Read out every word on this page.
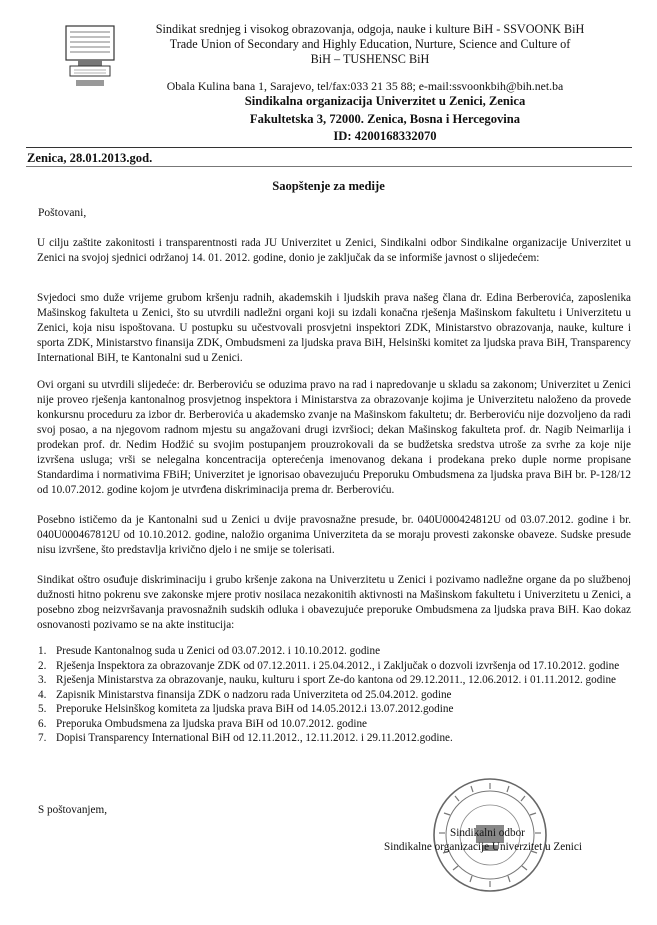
Sindikat srednjeg i visokog obrazovanja, odgoja, nauke i kulture BiH - SSVOONK BiH
Trade Union of Secondary and Highly Education, Nurture, Science and Culture of
BiH – TUSHENSC BiH
Obala Kulina bana 1, Sarajevo, tel/fax:033 21 35 88; e-mail:ssvoonkbih@bih.net.ba
Sindikalna organizacija Univerzitet u Zenici, Zenica
Fakultetska 3, 72000. Zenica, Bosna i Hercegovina
ID: 4200168332070
Zenica, 28.01.2013.god.
Saopštenje za medije
Poštovani,
U cilju zaštite zakonitosti i transparentnosti rada JU Univerzitet u Zenici, Sindikalni odbor Sindikalne organizacije Univerzitet u Zenici na svojoj sjednici održanoj 14. 01. 2012. godine, donio je zaključak da se informiše javnost o slijedećem:
Svjedoci smo duže vrijeme grubom kršenju radnih, akademskih i ljudskih prava našeg člana dr. Edina Berberovića, zaposlenika Mašinskog fakulteta u Zenici, što su utvrdili nadležni organi koji su izdali konačna rješenja Mašinskom fakultetu i Univerzitetu u Zenici, koja nisu ispoštovana. U postupku su učestvovali prosvjetni inspektori ZDK, Ministarstvo obrazovanja, nauke, kulture i sporta ZDK, Ministarstvo finansija ZDK, Ombudsmeni za ljudska prava BiH, Helsinški komitet za ljudska prava BiH, Transparency International BiH, te Kantonalni sud u Zenici.
Ovi organi su utvrdili slijedeće: dr. Berberoviću se oduzima pravo na rad i napredovanje u skladu sa zakonom; Univerzitet u Zenici nije proveo rješenja kantonalnog prosvjetnog inspektora i Ministarstva za obrazovanje kojima je Univerzitetu naloženo da provede konkursnu proceduru za izbor dr. Berberovića u akademsko zvanje na Mašinskom fakultetu; dr. Berberoviću nije dozvoljeno da radi svoj posao, a na njegovom radnom mjestu su angažovani drugi izvršioci; dekan Mašinskog fakulteta prof. dr. Nagib Neimarlija i prodekan prof. dr. Nedim Hodžić su svojim postupanjem prouzrokovali da se budžetska sredstva utroše za svrhe za koje nije izvršena usluga; vrši se nelegalna koncentracija opterećenja imenovanog dekana i prodekana preko duple norme propisane Standardima i normativima FBiH; Univerzitet je ignorisao obavezujuću Preporuku Ombudsmena za ljudska prava BiH br. P-128/12 od 10.07.2012. godine kojom je utvrđena diskriminacija prema dr. Berberoviću.
Posebno ističemo da je Kantonalni sud u Zenici u dvije pravosnažne presude, br. 040U000424812U od 03.07.2012. godine i br. 040U000467812U od 10.10.2012. godine, naložio organima Univerziteta da se moraju provesti zakonske obaveze. Sudske presude nisu izvršene, što predstavlja krivično djelo i ne smije se tolerisati.
Sindikat oštro osuđuje diskriminaciju i grubo kršenje zakona na Univerzitetu u Zenici i pozivamo nadležne organe da po službenoj dužnosti hitno pokrenu sve zakonske mjere protiv nosilaca nezakonitih aktivnosti na Mašinskom fakultetu i Univerzitetu u Zenici, a posebno zbog neizvršavanja pravosnažnih sudskih odluka i obavezujuće preporuke Ombudsmena za ljudska prava BiH. Kao dokaz osnovanosti pozivamo se na akte institucija:
1. Presude Kantonalnog suda u Zenici od 03.07.2012. i 10.10.2012. godine
2. Rješenja Inspektora za obrazovanje ZDK od 07.12.2011. i 25.04.2012., i Zaključak o dozvoli izvršenja od 17.10.2012. godine
3. Rješenja Ministarstva za obrazovanje, nauku, kulturu i sport Ze-do kantona od 29.12.2011., 12.06.2012. i 01.11.2012. godine
4. Zapisnik Ministarstva finansija ZDK o nadzoru rada Univerziteta od 25.04.2012. godine
5. Preporuke Helsinškog komiteta za ljudska prava BiH od 14.05.2012.i 13.07.2012.godine
6. Preporuka Ombudsmena za ljudska prava BiH od 10.07.2012. godine
7. Dopisi Transparency International BiH od 12.11.2012., 12.11.2012. i 29.11.2012.godine.
S poštovanjem,
Sindikalni odbor
Sindikalne organizacije Univerzitet u Zenici
